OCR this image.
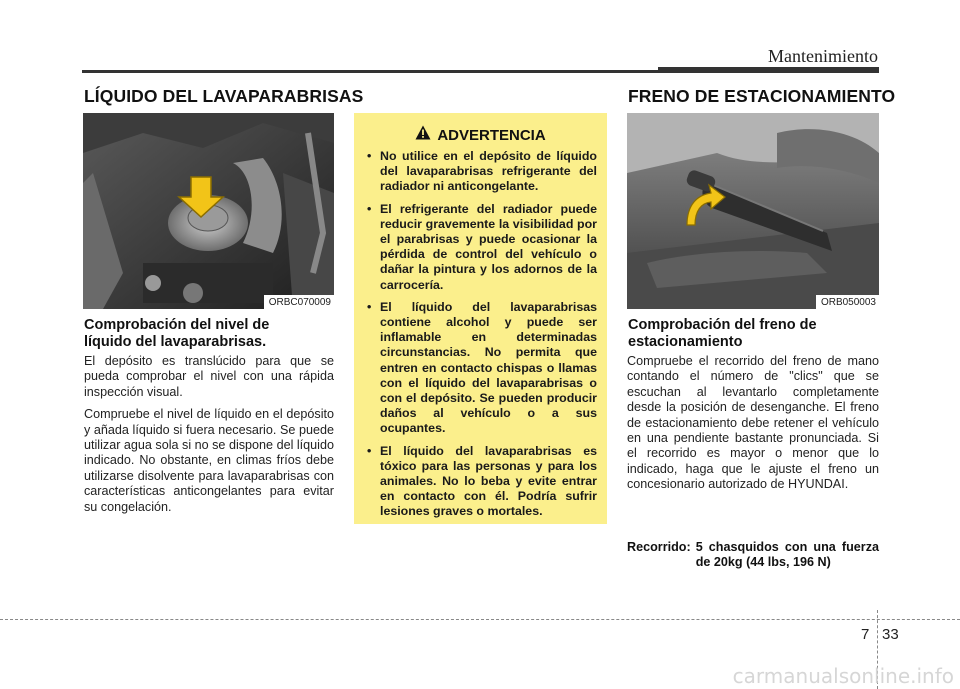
Mantenimiento
LÍQUIDO DEL LAVAPARABRISAS
ORBC070009
Comprobación del nivel de líquido del lavaparabrisas.

El depósito es translúcido para que se pueda comprobar el nivel con una rápida inspección visual.

Compruebe el nivel de líquido en el depósito y añada líquido si fuera necesario. Se puede utilizar agua sola si no se dispone del líquido indicado. No obstante, en climas fríos debe utilizarse disolvente para lavaparabrisas con características anticongelantes para evitar su congelación.

ADVERTENCIA
• No utilice en el depósito de líquido del lavaparabrisas refrigerante del radiador ni anticongelante.
• El refrigerante del radiador puede reducir gravemente la visibilidad por el parabrisas y puede ocasionar la pérdida de control del vehículo o dañar la pintura y los adornos de la carrocería.
• El líquido del lavaparabrisas contiene alcohol y puede ser inflamable en determinadas circunstancias. No permita que entren en contacto chispas o llamas con el líquido del lavaparabrisas o con el depósito. Se pueden producir daños al vehículo o a sus ocupantes.
• El líquido del lavaparabrisas es tóxico para las personas y para los animales. No lo beba y evite entrar en contacto con él. Podría sufrir lesiones graves o mortales.
FRENO DE ESTACIONAMIENTO
ORB050003
Comprobación del freno de estacionamiento

Compruebe el recorrido del freno de mano contando el número de "clics" que se escuchan al levantarlo completamente desde la posición de desenganche. El freno de estacionamiento debe retener el vehículo en una pendiente bastante pronunciada. Si el recorrido es mayor o menor que lo indicado, haga que le ajuste el freno un concesionario autorizado de HYUNDAI.

Recorrido: 5 chasquidos con una fuerza de 20kg (44 lbs, 196 N)
7 33
carmanualsonline.info
